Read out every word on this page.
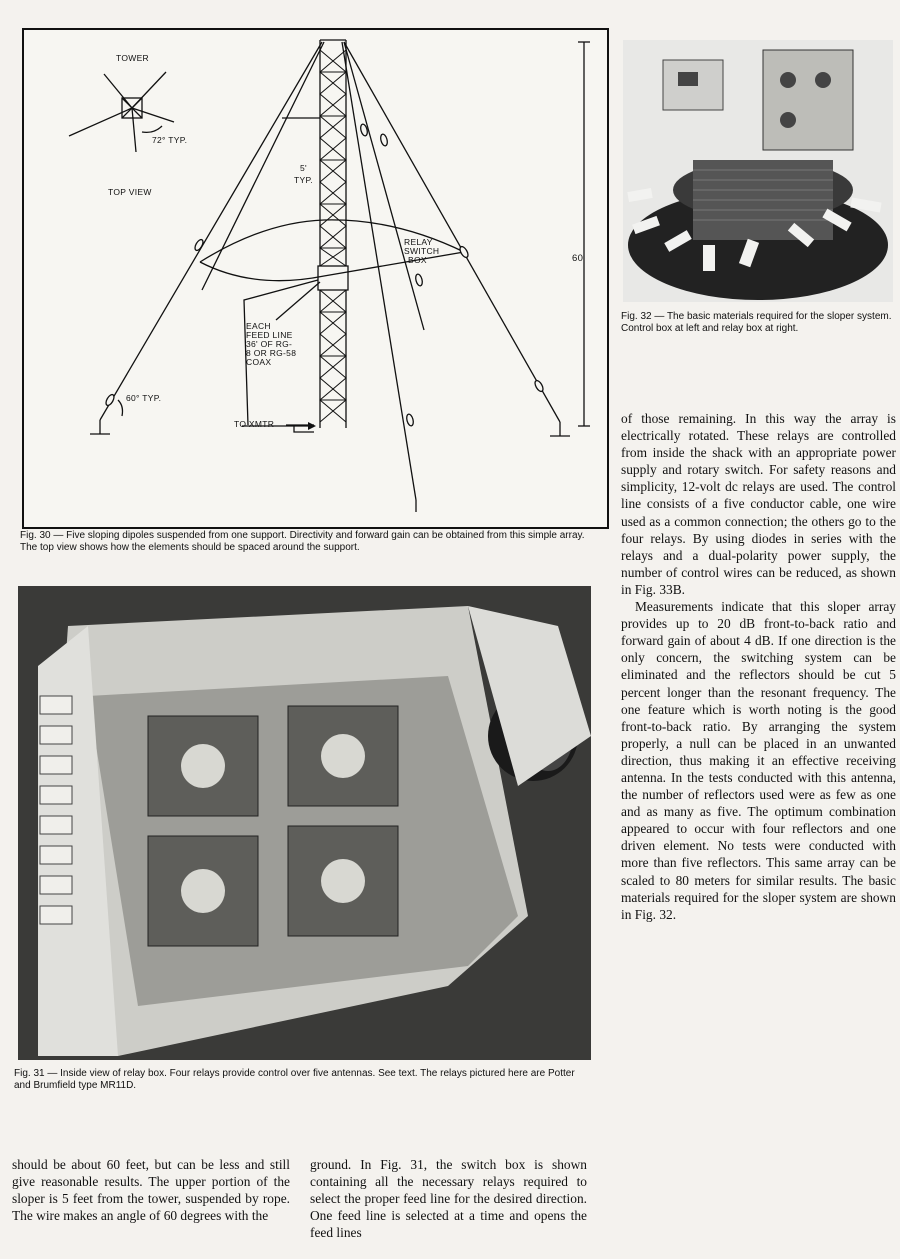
TOWER
72° TYP.
TOP VIEW
5'
TYP.
RELAY
SWITCH
BOX	60'
EACH
FEED LINE
36' OF RG-
8 OR RG-58
COAX
60° TYP.
TO XMTR
Fig. 30 — Five sloping dipoles suspended from one support. Directivity and forward gain can be obtained from this simple array. The top view shows how the elements should be spaced around the support.
Fig. 32 — The basic materials required for the sloper system. Control box at left and relay box at right.
Fig. 31 — Inside view of relay box. Four relays provide control over five antennas. See text. The relays pictured here are Potter and Brumfield type MR11D.

of those remaining. In this way the array is electrically rotated. These relays are controlled from inside the shack with an appropriate power supply and rotary switch. For safety reasons and simplicity, 12-volt dc relays are used. The control line consists of a five conductor cable, one wire used as a common connection; the others go to the four relays. By using diodes in series with the relays and a dual-polarity power supply, the number of control wires can be reduced, as shown in Fig. 33B.

Measurements indicate that this sloper array provides up to 20 dB front-to-back ratio and forward gain of about 4 dB. If one direction is the only concern, the switching system can be eliminated and the reflectors should be cut 5 percent longer than the resonant frequency. The one feature which is worth noting is the good front-to-back ratio. By arranging the system properly, a null can be placed in an unwanted direction, thus making it an effective receiving antenna. In the tests conducted with this antenna, the number of reflectors used were as few as one and as many as five. The optimum combination appeared to occur with four reflectors and one driven element. No tests were conducted with more than five reflectors. This same array can be scaled to 80 meters for similar results. The basic materials required for the sloper system are shown in Fig. 32.

should be about 60 feet, but can be less and still give reasonable results. The upper portion of the sloper is 5 feet from the tower, suspended by rope. The wire makes an angle of 60 degrees with the
ground. In Fig. 31, the switch box is shown containing all the necessary relays required to select the proper feed line for the desired direction. One feed line is selected at a time and opens the feed lines
